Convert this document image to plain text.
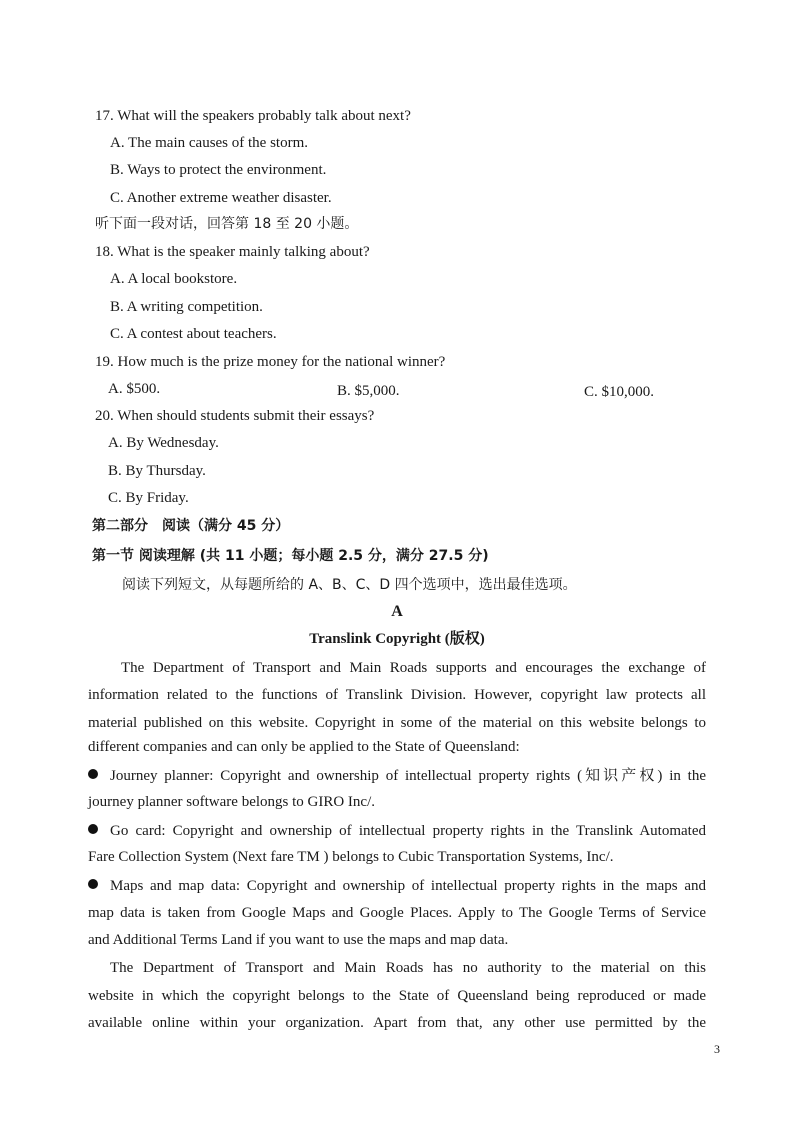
17. What will the speakers probably talk about next?
A. The main causes of the storm.
B. Ways to protect the environment.
C. Another extreme weather disaster.
听下面一段对话，回答第 18 至 20 小题。
18. What is the speaker mainly talking about?
A. A local bookstore.
B. A writing competition.
C. A contest about teachers.
19. How much is the prize money for the national winner?
A. $500.	B. $5,000.	C. $10,000.
20. When should students submit their essays?
A. By Wednesday.
B. By Thursday.
C. By Friday.
第二部分　阅读（满分 45 分）
第一节 阅读理解 (共 11 小题；每小题 2.5 分，满分 27.5 分)
阅读下列短文，从每题所给的 A、B、C、D 四个选项中，选出最佳选项。
A
Translink Copyright (版权)
The Department of Transport and Main Roads supports and encourages the exchange of
information related to the functions of Translink Division. However, copyright law protects all
material published on this website. Copyright in some of the material on this website belongs to
different companies and can only be applied to the State of Queensland:
Journey planner: Copyright and ownership of intellectual property rights (知识产权) in the
journey planner software belongs to GIRO Inc/.
Go card: Copyright and ownership of intellectual property rights in the Translink Automated
Fare Collection System (Next fare TM ) belongs to Cubic Transportation Systems, Inc/.
Maps and map data: Copyright and ownership of intellectual property rights in the maps and
map data is taken from Google Maps and Google Places. Apply to The Google Terms of Service
and Additional Terms Land if you want to use the maps and map data.
The Department of Transport and Main Roads has no authority to the material on this
website in which the copyright belongs to the State of Queensland being reproduced or made
available online within your organization. Apart from that, any other use permitted by the
3
